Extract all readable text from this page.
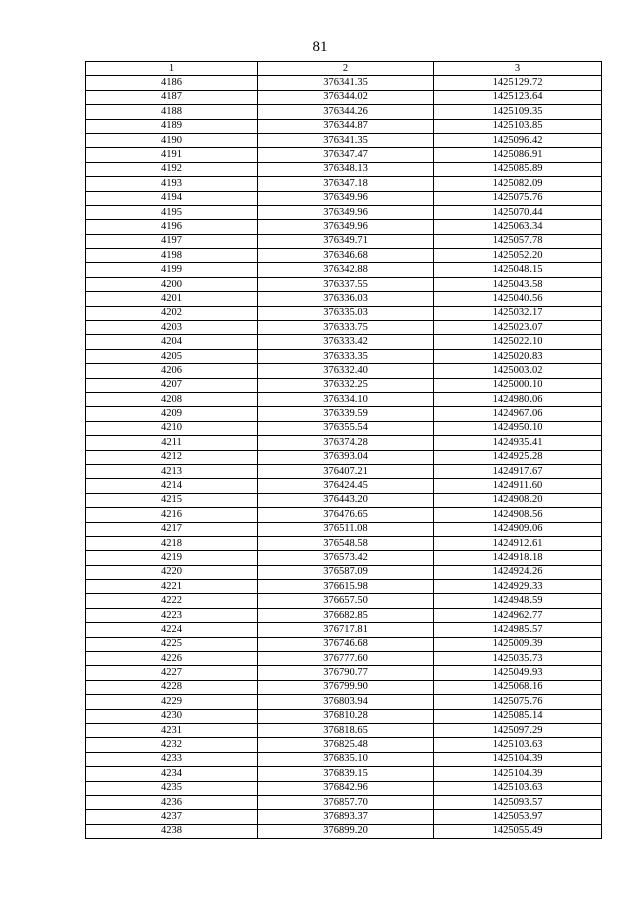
81
1	2	3
4186	376341.35	1425129.72
4187	376344.02	1425123.64
4188	376344.26	1425109.35
4189	376344.87	1425103.85
4190	376341.35	1425096.42
4191	376347.47	1425086.91
4192	376348.13	1425085.89
4193	376347.18	1425082.09
4194	376349.96	1425075.76
4195	376349.96	1425070.44
4196	376349.96	1425063.34
4197	376349.71	1425057.78
4198	376346.68	1425052.20
4199	376342.88	1425048.15
4200	376337.55	1425043.58
4201	376336.03	1425040.56
4202	376335.03	1425032.17
4203	376333.75	1425023.07
4204	376333.42	1425022.10
4205	376333.35	1425020.83
4206	376332.40	1425003.02
4207	376332.25	1425000.10
4208	376334.10	1424980.06
4209	376339.59	1424967.06
4210	376355.54	1424950.10
4211	376374.28	1424935.41
4212	376393.04	1424925.28
4213	376407.21	1424917.67
4214	376424.45	1424911.60
4215	376443.20	1424908.20
4216	376476.65	1424908.56
4217	376511.08	1424909.06
4218	376548.58	1424912.61
4219	376573.42	1424918.18
4220	376587.09	1424924.26
4221	376615.98	1424929.33
4222	376657.50	1424948.59
4223	376682.85	1424962.77
4224	376717.81	1424985.57
4225	376746.68	1425009.39
4226	376777.60	1425035.73
4227	376790.77	1425049.93
4228	376799.90	1425068.16
4229	376803.94	1425075.76
4230	376810.28	1425085.14
4231	376818.65	1425097.29
4232	376825.48	1425103.63
4233	376835.10	1425104.39
4234	376839.15	1425104.39
4235	376842.96	1425103.63
4236	376857.70	1425093.57
4237	376893.37	1425053.97
4238	376899.20	1425055.49
